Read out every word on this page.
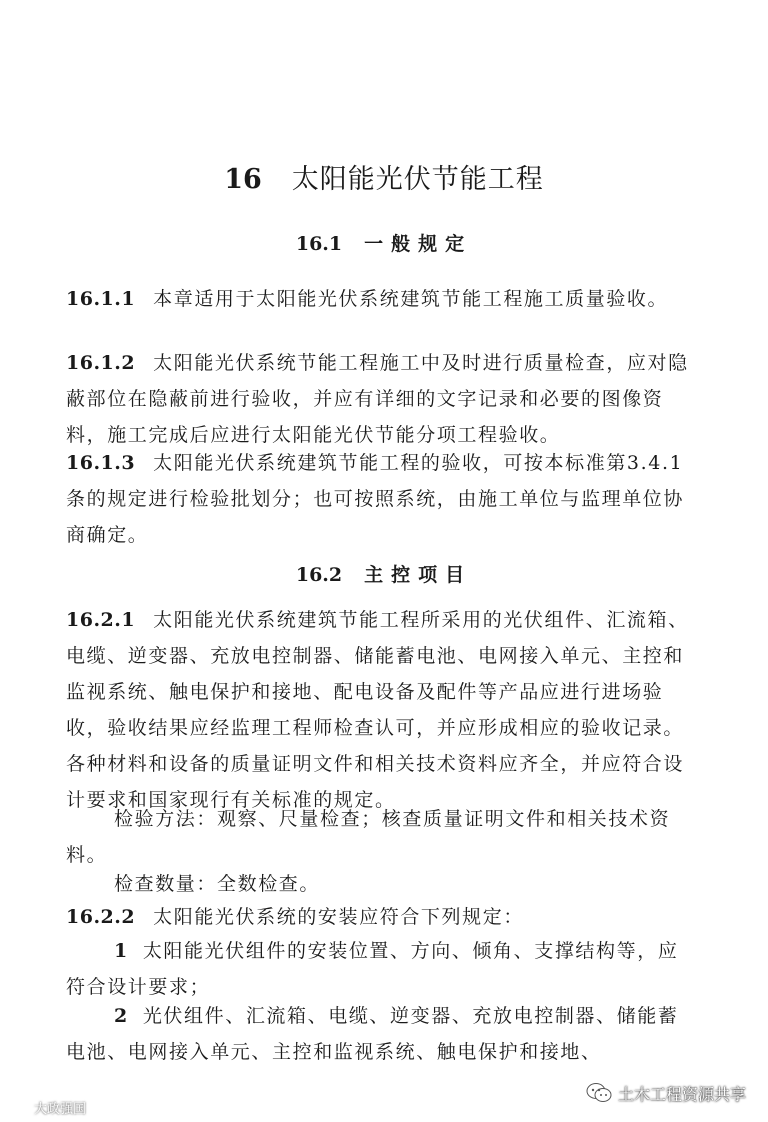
16 太阳能光伏节能工程
16.1 一般规定

16.1.1 本章适用于太阳能光伏系统建筑节能工程施工质量验收。

16.1.2 太阳能光伏系统节能工程施工中及时进行质量检查，应对隐蔽部位在隐蔽前进行验收，并应有详细的文字记录和必要的图像资料，施工完成后应进行太阳能光伏节能分项工程验收。

16.1.3 太阳能光伏系统建筑节能工程的验收，可按本标准第3.4.1条的规定进行检验批划分；也可按照系统，由施工单位与监理单位协商确定。

16.2 主控项目

16.2.1 太阳能光伏系统建筑节能工程所采用的光伏组件、汇流箱、电缆、逆变器、充放电控制器、储能蓄电池、电网接入单元、主控和监视系统、触电保护和接地、配电设备及配件等产品应进行进场验收，验收结果应经监理工程师检查认可，并应形成相应的验收记录。各种材料和设备的质量证明文件和相关技术资料应齐全，并应符合设计要求和国家现行有关标准的规定。

检验方法：观察、尺量检查；核查质量证明文件和相关技术资料。

检查数量：全数检查。

16.2.2 太阳能光伏系统的安装应符合下列规定：

1 太阳能光伏组件的安装位置、方向、倾角、支撑结构等，应符合设计要求；

2 光伏组件、汇流箱、电缆、逆变器、充放电控制器、储能蓄电池、电网接入单元、主控和监视系统、触电保护和接地、

土木工程资源共享
大政强国
